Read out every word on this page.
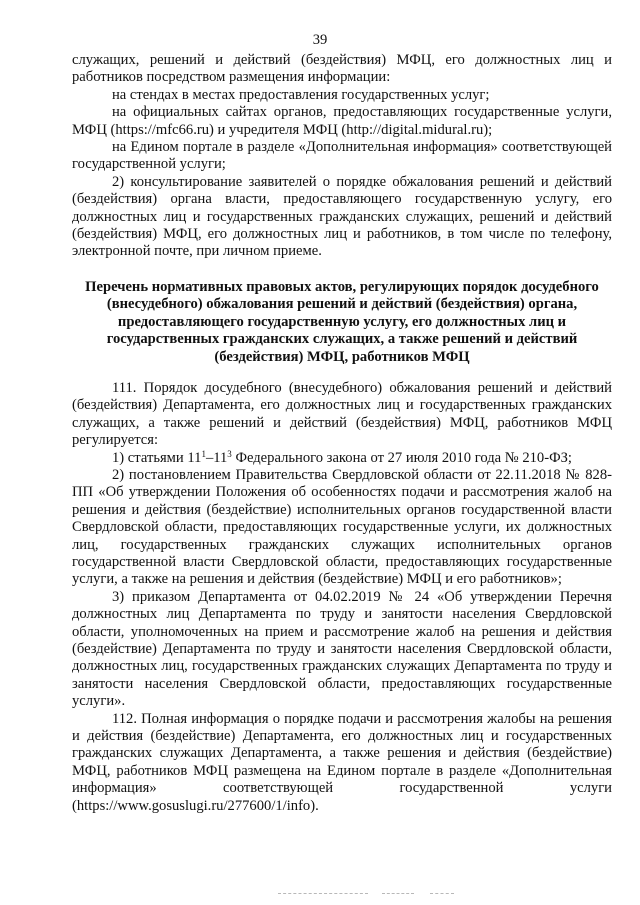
39

служащих, решений и действий (бездействия) МФЦ, его должностных лиц и работников посредством размещения информации:

на стендах в местах предоставления государственных услуг;

на официальных сайтах органов, предоставляющих государственные услуги, МФЦ (https://mfc66.ru) и учредителя МФЦ (http://digital.midural.ru);

на Едином портале в разделе «Дополнительная информация» соответствующей государственной услуги;

2) консультирование заявителей о порядке обжалования решений и действий (бездействия) органа власти, предоставляющего государственную услугу, его должностных лиц и государственных гражданских служащих, решений и действий (бездействия) МФЦ, его должностных лиц и работников, в том числе по телефону, электронной почте, при личном приеме.

Перечень нормативных правовых актов, регулирующих порядок досудебного (внесудебного) обжалования решений и действий (бездействия) органа, предоставляющего государственную услугу, его должностных лиц и государственных гражданских служащих, а также решений и действий (бездействия) МФЦ, работников МФЦ

111. Порядок досудебного (внесудебного) обжалования решений и действий (бездействия) Департамента, его должностных лиц и государственных гражданских служащих, а также решений и действий (бездействия) МФЦ, работников МФЦ регулируется:

1) статьями $11^1-11^3$ Федерального закона от 27 июля 2010 года № 210-ФЗ;

2) постановлением Правительства Свердловской области от 22.11.2018 № 828-ПП «Об утверждении Положения об особенностях подачи и рассмотрения жалоб на решения и действия (бездействие) исполнительных органов государственной власти Свердловской области, предоставляющих государственные услуги, их должностных лиц, государственных гражданских служащих исполнительных органов государственной власти Свердловской области, предоставляющих государственные услуги, а также на решения и действия (бездействие) МФЦ и его работников»;

3) приказом Департамента от 04.02.2019 № 24 «Об утверждении Перечня должностных лиц Департамента по труду и занятости населения Свердловской области, уполномоченных на прием и рассмотрение жалоб на решения и действия (бездействие) Департамента по труду и занятости населения Свердловской области, должностных лиц, государственных гражданских служащих Департамента по труду и занятости населения Свердловской области, предоставляющих государственные услуги».

112. Полная информация о порядке подачи и рассмотрения жалобы на решения и действия (бездействие) Департамента, его должностных лиц и государственных гражданских служащих Департамента, а также решения и действия (бездействие) МФЦ, работников МФЦ размещена на Едином портале в разделе «Дополнительная информация» соответствующей государственной услуги (https://www.gosuslugi.ru/277600/1/info).
